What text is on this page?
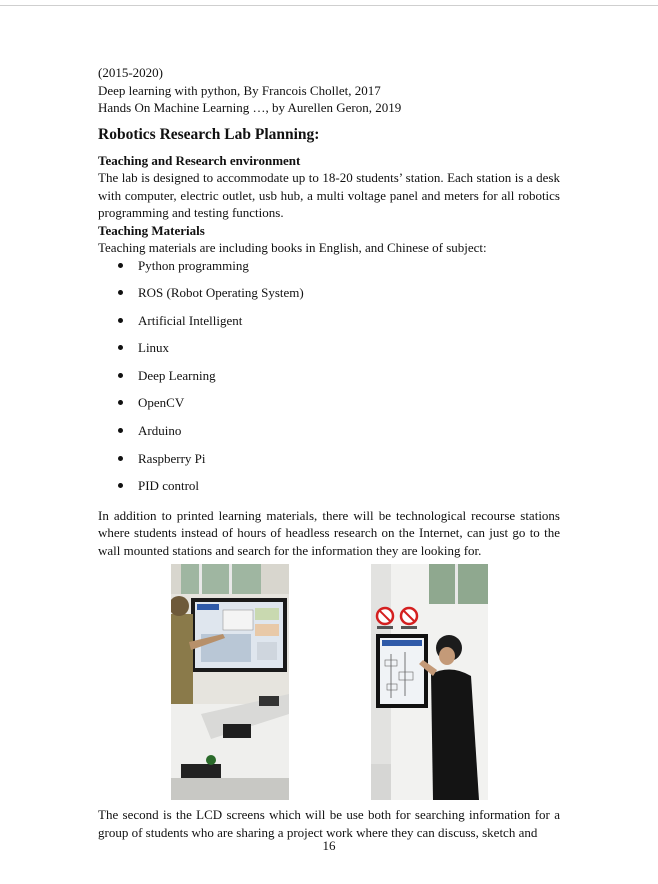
(2015-2020)
Deep learning with python, By Francois Chollet, 2017
Hands On Machine Learning …, by Aurellen Geron, 2019
Robotics Research Lab Planning:
Teaching and Research environment

The lab is designed to accommodate up to 18-20 students’ station. Each station is a desk with computer, electric outlet, usb hub, a multi voltage panel and meters for all robotics programming and testing functions.

Teaching Materials

Teaching materials are including books in English, and Chinese of subject:

Python programming
ROS (Robot Operating System)
Artificial Intelligent
Linux
Deep Learning
OpenCV
Arduino
Raspberry Pi
PID control

In addition to printed learning materials, there will be technological recourse stations where students instead of hours of headless research on the Internet, can just go to the wall mounted stations and search for the information they are looking for.

The second is the LCD screens which will be use both for searching information for a group of students who are sharing a project work where they can discuss, sketch and

16
